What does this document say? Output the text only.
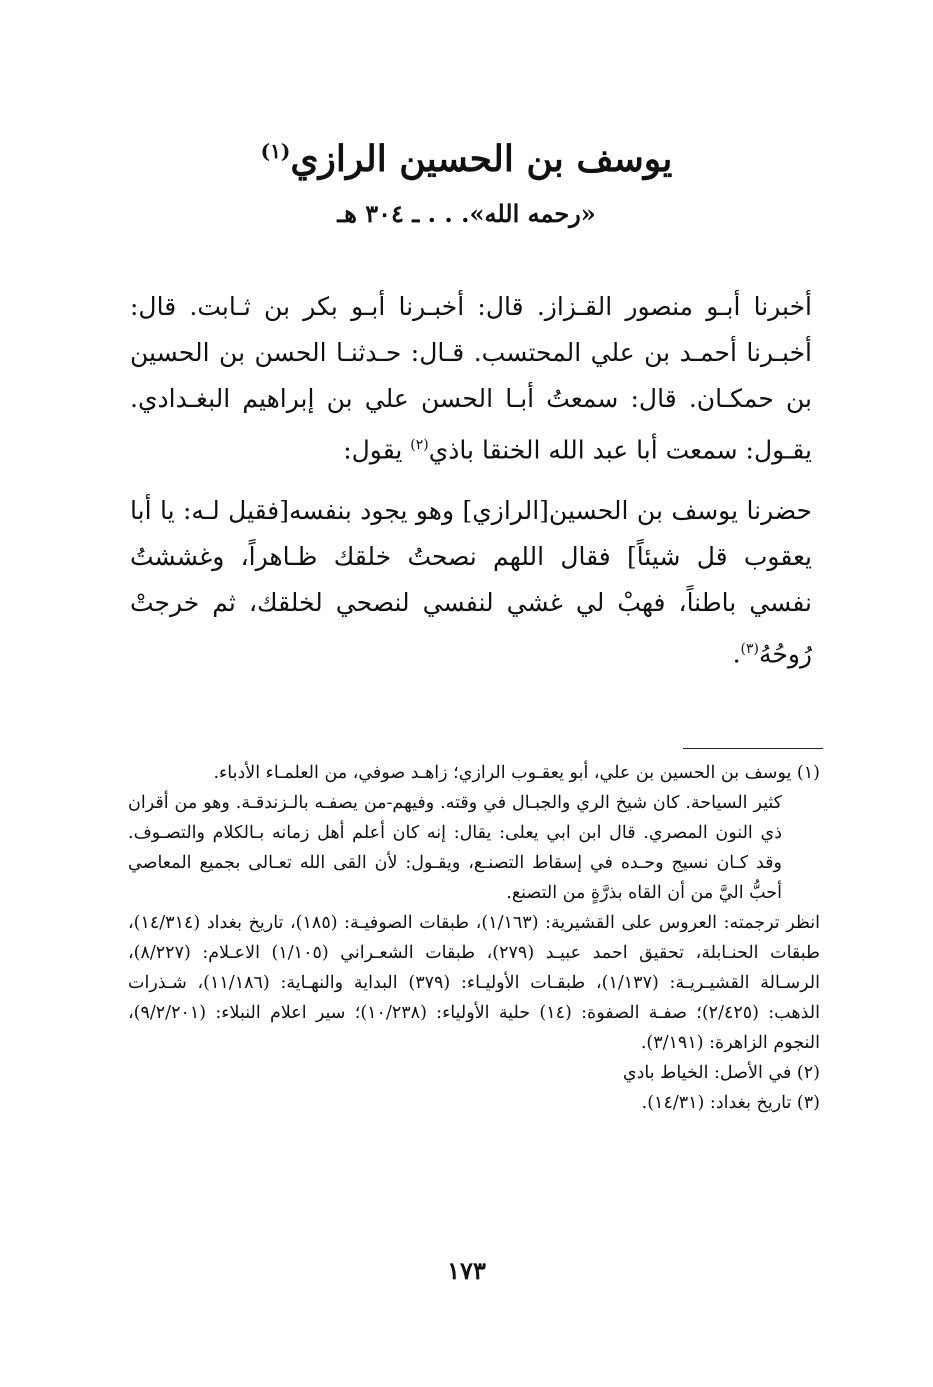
يوسف بن الحسين الرازي$^{(١)}$
«رحمه الله». . . ـ ٣٠٤ هـ

أخبرنا أبـو منصور القـزاز. قال: أخبـرنا أبـو بكر بن ثـابت. قال: أخبـرنا أحمـد بن علي المحتسب. قـال: حـدثنـا الحسن بن الحسين بن حمكـان. قال: سمعتُ أبـا الحسن علي بن إبراهيم البغـدادي. يقـول: سمعت أبا عبد الله الخنقا باذي$^{(٢)}$ يقول:

حضرنا يوسف بن الحسين[الرازي] وهو يجود بنفسه[فقيل لـه: يا أبا يعقوب قل شيئاً] فقال اللهم نصحتُ خلقك ظـاهراً، وغششتُ نفسي باطناً، فهبْ لي غشي لنفسي لنصحي لخلقك، ثم خرجتْ رُوحُهُ$^{(٣)}$.

(١) يوسف بن الحسين بن علي، أبو يعقـوب الرازي؛ زاهـد صوفي، من العلمـاء الأدباء.

كثير السياحة. كان شيخ الري والجبـال في وقته. وفيهم-من يصفـه بالـزندقـة. وهو من أقران ذي النون المصري. قال ابن ابي يعلى: يقال: إنه كان أعلم أهل زمانه بـالكلام والتصـوف. وقد كـان نسيج وحـده في إسقاط التصنـع، ويقـول: لأن القى الله تعـالى بجميع المعاصي أحبُّ اليَّ من أن القاه بذرَّةٍ من التصنع.

انظر ترجمته: العروس على القشيرية: (١/١٦٣)، طبقات الصوفيـة: (١٨٥)، تاريخ بغداد (١٤/٣١٤)، طبقات الحنـابلة، تحقيق احمد عبيـد (٢٧٩)، طبقات الشعـراني (١/١٠٥) الاعـلام: (٨/٢٢٧)، الرسـالة القشيـريـة: (١/١٣٧)، طبقـات الأوليـاء: (٣٧٩) البداية والنهـاية: (١١/١٨٦)، شـذرات الذهب: (٢/٤٢٥)؛ صفـة الصفوة: (١٤) حلية الأولياء: (١٠/٢٣٨)؛ سير اعلام النبلاء: (٩/٢/٢٠١)، النجوم الزاهرة: (٣/١٩١).

(٢) في الأصل: الخياط بادي

(٣) تاريخ بغداد: (١٤/٣١).

١٧٣
